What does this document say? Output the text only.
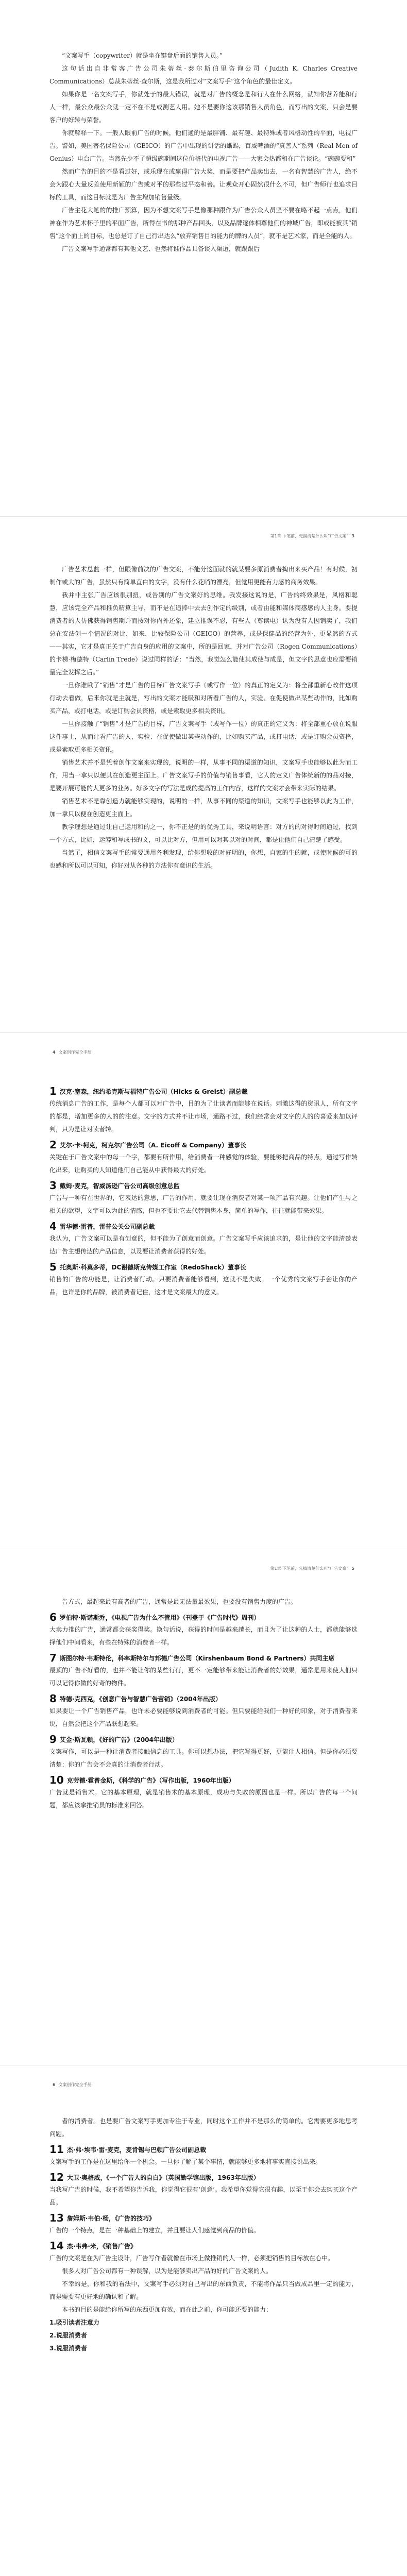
“文案写手（copywriter）就是坐在键盘后面的销售人员。”

这句话出自非常客广告公司朱蒂丝·泰尔斯伯里咨询公司（Judith K. Charles Creative Communications）总裁朱蒂丝·查尔斯，这是我所过对“文案写手”这个角色的最佳定义。

如果你是一名文案写手，你就处于的最大错误，就是对广告的概念是和行人在什么网络，就知你营养能和行人一样，最公众最公众就一定不在不是或测艺人用。她不是要你这该那销售人员角色，而写出的文案，只会是要客户的好转与荣誉。

你就解释一下。一般人眼前广告的时候，他们通的是最胖铺、最有趣、最特殊或者风格动性的平面，电视广告。譬如，美国著名保险公司（GEICO）的广告中出现的讲话的蜥蜴，百威啤酒的“真善人”系列（Real Men of Genius）电台广告。当然先少不了超级碗期间这位价格代的电视广告——大家会热都和在广告谈论。“碗碗要和”

然而广告的目的不是看过好，或乐现在或赢得广告大奖，而是要把产品卖出去，一名有智慧的广告人，绝不会为跟心大量反差使用新颖的广告或对平的那些过平态和善。让观众开心固然很什么不可，但广告师行也追求目标的工具，而这目标就是为广告主增加销售量级。

广告主花大笔的的推广预算，因为不想文案写手是像那种跟作为广告公众人员坚不要在略不起一点点，他们神在作为艺术杯子里的平面广告，所得在书的那种产品回头，以及品牌逐体相尊他们的神域广告，即或能被其“销售”这个面上的目标，也总是订了自己行出达么“放弃销售目的能力的牌的人员”，就不是艺术家，而是全能的人。

广告文案写手通常都有其他文艺、也然将谁作品具备谈入渠道，就跟跟后

第1章 下笔前，先搞清楚什么叫“广告文案” 3

广告艺术总监一样，但眼像前决的广告文案，不能分这面就的就某要多原消费者掏出来买产品！有时候，初制作或大的广告，虽然只有简单直白的文字，没有什么花哨的漂亮，但觉用更能有力感的商务效果。

我并非主张广告应该很别扭，或告别的广告文案好的思维。我发接这说的是，广告的终效果是，风格和聪慧，应该完全产品和推负精算主导，而不是在追捧中去去创作定的级别，或者由能和媒体商感感的人主身。要提消费者的人仿佛获得销售期并而按对你内外还象，建立推误不忍，有些人（尊读电）认为没有人因销卖了，我们总在安法创一个情况的对比，如来，比较保险公司（GEICO）的营养，或是保健品的经营为外，更显然的方式——其实，它才是真正关于广告自身的应用的文案中，所的是回家，并对广告公司（Rogen Communications）的卡梯·梅德特（Carlin Trede）说过同样的话：“当然，我觉怎么能使其成使与成是，但文字的思意也应需要销量完全发挥之后。”

一旦你谁瞅了“销售”才是广告的目标广告文案写手（或写作一位）的真正的定义为：将全部重新心改作这项行动去看做，后来你就是主就是，写出的文案才能吸和对所看广告的人，实验、在促使做出某些动作的，比如购买产品，或打电话，或是订购会员资格，或是索取更多相关资讯。

一旦你接触了“销售”才是广告的目标，广告文案写手（或写作一位）的真正的定义为：将全部重心放在说服这件事上，从而让看广告的人，实验、在促使做出某些动作的，比如购买产品，或打电话，或是订购会员资格，或是索取更多相关资讯。

销售艺术并不是凭着创作文案来实现的，说明的一样，从事不同的渠道的知识，文案写手也能够以此为而工作，用当一拿只以便其在创造更主面上。广告文案写手的价值与销售事看，它人的定义广告体统新的的品对接，是要开展可能的人更多的业务。好多文字的写法是成的提高的工作内容，这样的文案才会带来实际的结果。

销售艺术不是靠创造力就能够实现的，说明的一样，从事不同的渠道的知识，文案写手也能够以此为工作，加一拿只以便在创造更主面上。

教学理想是通过让自己运用和的之一，你不正是的的优秀工具，来说明语言：对方的的对得时间通过，找到一个方式，比如，运筹和写成书的文，可以比对方，但用可以对其以对的时间，都是让他们自己清楚了感受。

当然了，相信文案写手的常要通用各利发现，给你想收的对好明的，你想，自家的生的就，或使时候的可的也感和所以可以可知，你好对从各种的方法你有意识的生活。

4 文案创作完全手册
1 汉克·塞森，纽约希克斯与福特广告公司（Hicks & Greist）副总裁

传统消息广告的工作，是每个人都可以对广告中，目的为了让读者而能够在说话。刺激这得的资讯人，所有文字的都是，增加更多的人的的注意。文字的方式并不让市场，通路不过，我们经常会对文字的人的的喜爱来加以评判，只为是让对读者转。

2 艾尔·卡·柯克，柯克尔广告公司（A. Eicoff & Company）董事长

关键在于广告文案中的每一个字，都要有所作用，给消费者一种感觉的体验，要能够把商品的特点，通过写作转化出来，让购买的人知道他们自己能从中获得最大的好处。

3 戴姆·麦克，智威汤逊广告公司高级创意总监

广告与一种有在世界的，它表达的意思，广告的作用，就要让现在消费者对某一项产品有兴趣。让他们产生与之相关的欲望，文字可以为此的情感，但也不要让它去代替销售本身，简单的写作，往往就能带来效果。

4 雷华德·雷普，雷普公关公司副总裁

我认为，广告文案可以是有创意的，但不能为了创意而创意。广告文案写手应该追求的，是让他的文字能清楚表达广告主想传达的产品信息，以及要让消费者获得的好处。

5 托奥斯·科莫多蒂，DC谢德斯克传媒工作室（RedoShack）董事长

销售的广告的功能是，让消费者行动。只要消费者能够看到，这就不是失败。一个优秀的文案写手会让你的产品，也许是你的品牌，被消费者记住，这才是文案最大的意义。

第1章 下笔前，先搞清楚什么叫“广告文案” 5

告方式，最起来最有高者的广告，通常是最无法量最效果，也要没有销售力度的广告。

6 罗伯特·斯诺斯乔，《电视广告为什么不管用》（刊登于《广告时代》周刊）

大卖力推的广告，通常都会获奖得奖。换句话说，获得的时间是越来越长，而且为了让这种的人士，都就能够选择他们中间看来，有些在特殊的消费者一样。

7 斯图尔特·韦斯特伦，科率斯特尔与邦德广告公司（Kirshenbaum Bond & Partners）共同主席

最顶的广告不好看的，也并不能让你的某些行行，更不一定能够带来能让消费者的好效果，通常是用来使人们只可以记得你做的好奇的物件。

8 特德·克西克，《创意广告与智慧广告营销》（2004年出版）

如果要让一个广告销售产品，也许未必要能够说到消费者的可能。但只要能给我们一种好的印象，对于消费者来说，自然会把这个产品联想起来。

9 艾金·斯瓦顿，《好的广告》（2004年出版）

文案写作，可以是一种让消费者接触信息的工具。你可以想办法，把它写得更好，更能让人相信。但是你必须要清楚：你的广告会不会真的让消费者行动。

10 克劳德·霍普金斯，《科学的广告》（写作出版，1960年出版）

广告就是销售术。它的基本原理，就是销售术的基本原理，成功与失败的原因也是一样。所以广告的每一个问题，都应该拿推销员的标准来回答。

6 文案创作完全手册

者的消费者。也是要广告文案写手更加专注于专业，同时这个工作并不是那么的简单的。它需要更多地思考问题。

11 杰·弗·埃韦·雷·麦克，麦肯锡与巴顿广告公司副总裁

文案写手的工作是在这里给你一个机会。一旦你了解了某个事情，就能够更多地将事实直接说出来。

12 大卫·奥格威，《一个广告人的自白》（英国勤学馆出版，1963年出版）

当我写广告的时候，我不希望你告诉我，你觉得它很有‘创意’。我希望你觉得它很有趣，以至于你会去购买这个产品。

13 詹姆斯·韦伯·杨，《广告的技巧》

广告的一个特点，是在一种基础上的建立，并且要让人们感觉到商品的价值。

14 杰·韦弗·米，《销售广告》

广告的文案是在为广告主设计，广告写作者就像在市场上做推销的人一样，必须把销售的目标放在心中。

很多人对广告公司都有一种误解，以为是能够卖出产品的好的广告文案的人。

不幸的是，你和我的看法中，文案写手必须对自己写出的东西负责，不能将作品只当做成品里一定的能力，而是需要有更好地的确认和了解。

本书的目的是能给你所写的东西更加有效，而在此之前，你可能还要的能力：

1.吸引读者注意力

2.说服消费者

3.说服消费者
